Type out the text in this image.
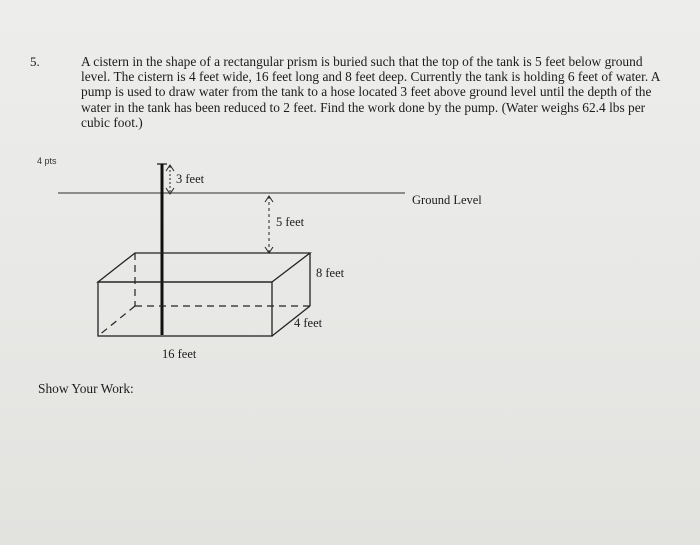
5.	A cistern in the shape of a rectangular prism is buried such that the top of the tank is 5 feet below ground level. The cistern is 4 feet wide, 16 feet long and 8 feet deep. Currently the tank is holding 6 feet of water. A pump is used to draw water from the tank to a hose located 3 feet above ground level until the depth of the water in the tank has been reduced to 2 feet. Find the work done by the pump. (Water weighs 62.4 lbs per cubic foot.)
4 pts
3 feet
Ground Level
5 feet
8 feet
4 feet
16 feet
Show Your Work:
